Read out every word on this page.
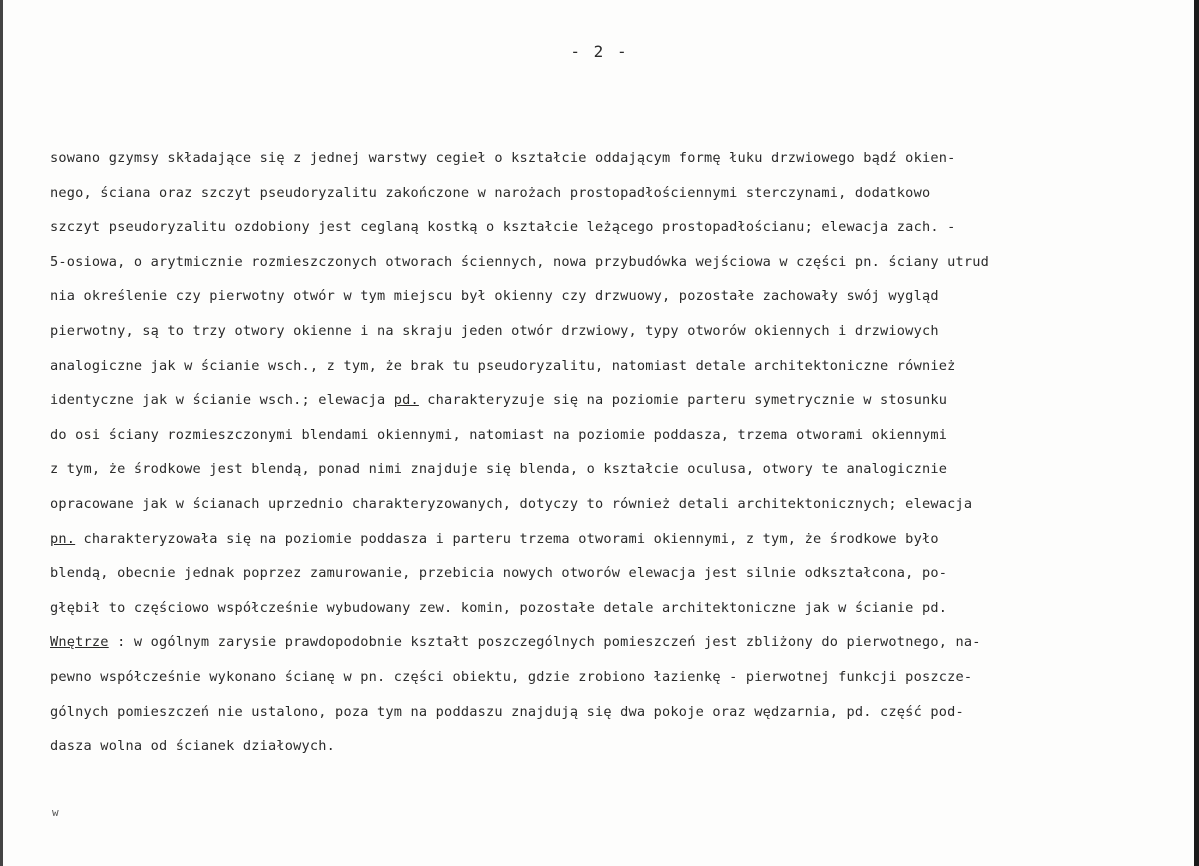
- 2 -
sowano gzymsy składające się z jednej warstwy cegieł o kształcie oddającym formę łuku drzwiowego bądź okien-
nego, ściana oraz szczyt pseudoryzalitu zakończone w narożach prostopadłościennymi sterczynami, dodatkowo
szczyt pseudoryzalitu ozdobiony jest ceglaną kostką o kształcie leżącego prostopadłościanu; elewacja zach. -
5-osiowa, o arytmicznie rozmieszczonych otworach ściennych, nowa przybudówka wejściowa w części pn. ściany utrud
nia określenie czy pierwotny otwór w tym miejscu był okienny czy drzwuowy, pozostałe zachowały swój wygląd
pierwotny, są to trzy otwory okienne i na skraju jeden otwór drzwiowy, typy otworów okiennych i drzwiowych
analogiczne jak w ścianie wsch., z tym, że brak tu pseudoryzalitu, natomiast detale architektoniczne również
identyczne jak w ścianie wsch.; elewacja pd. charakteryzuje się na poziomie parteru symetrycznie w stosunku
do osi ściany rozmieszczonymi blendami okiennymi, natomiast na poziomie poddasza, trzema otworami okiennymi
z tym, że środkowe jest blendą, ponad nimi znajduje się blenda, o kształcie oculusa, otwory te analogicznie
opracowane jak w ścianach uprzednio charakteryzowanych, dotyczy to również detali architektonicznych; elewacja
pn. charakteryzowała się na poziomie poddasza i parteru trzema otworami okiennymi, z tym, że środkowe było
blendą, obecnie jednak poprzez zamurowanie, przebicia nowych otworów elewacja jest silnie odkształcona, po-
głębił to częściowo współcześnie wybudowany zew. komin, pozostałe detale architektoniczne jak w ścianie pd.
Wnętrze : w ogólnym zarysie prawdopodobnie kształt poszczególnych pomieszczeń jest zbliżony do pierwotnego, na-
pewno współcześnie wykonano ścianę w pn. części obiektu, gdzie zrobiono łazienkę - pierwotnej funkcji poszcze-
gólnych pomieszczeń nie ustalono, poza tym na poddaszu znajdują się dwa pokoje oraz wędzarnia, pd. część pod-
dasza wolna od ścianek działowych.
w
